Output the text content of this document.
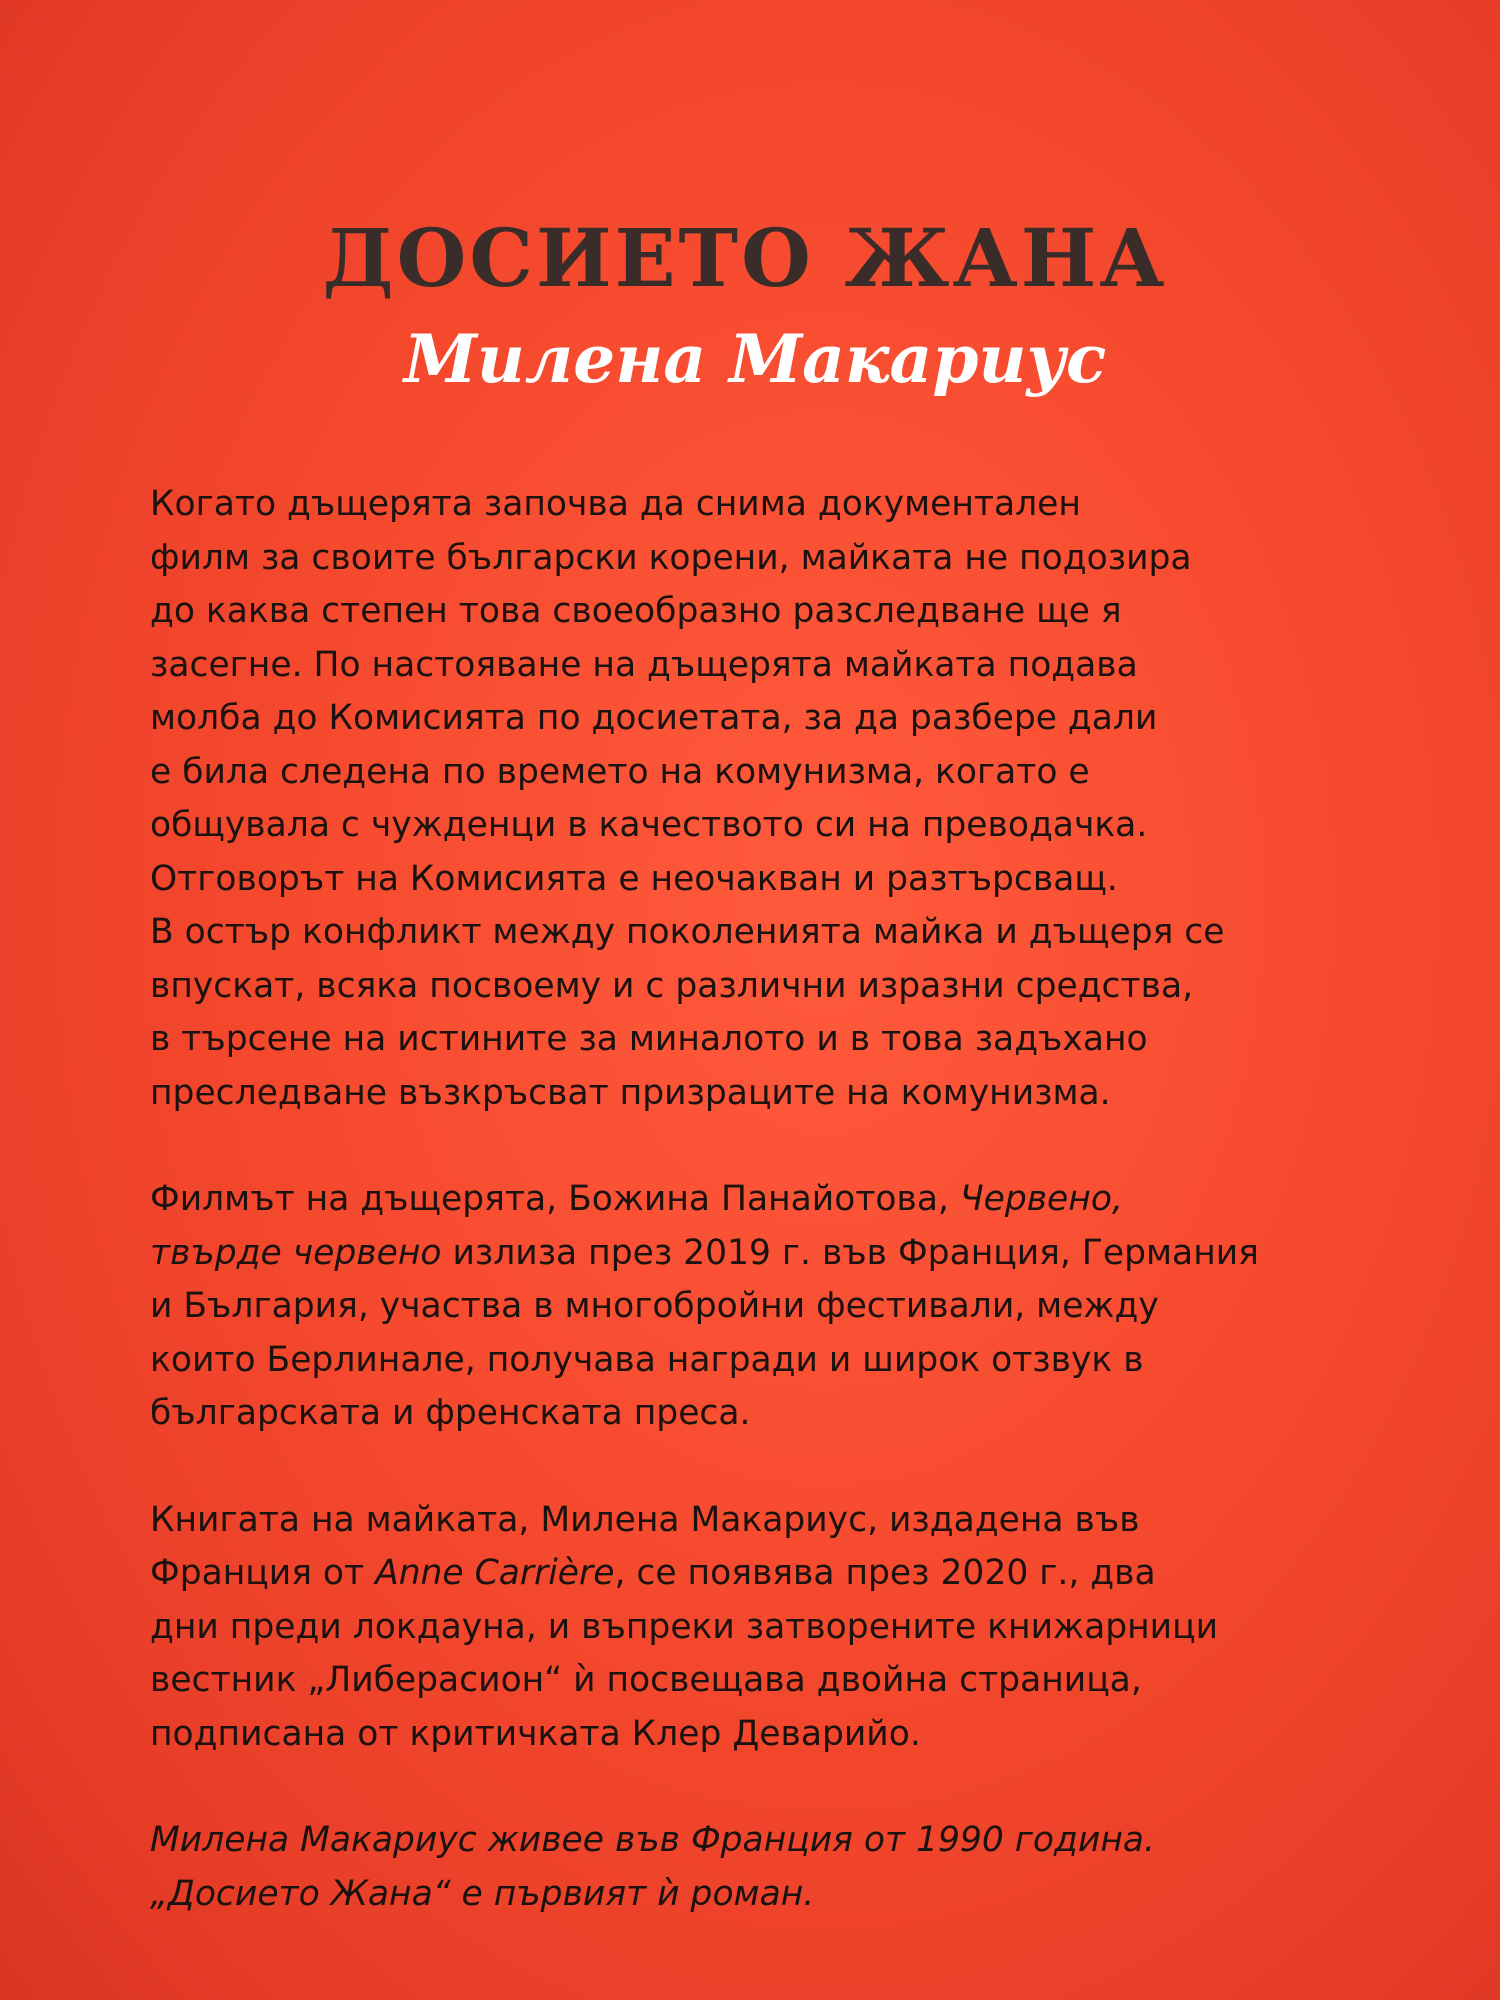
ДОСИЕТО ЖАНА
Милена Макариус

Когато дъщерята започва да снима документален
филм за своите български корени, майката не подозира
до каква степен това своеобразно разследване ще я
засегне. По настояване на дъщерята майката подава
молба до Комисията по досиетата, за да разбере дали
е била следена по времето на комунизма, когато е
общувала с чужденци в качеството си на преводачка.
Отговорът на Комисията е неочакван и разтърсващ.
В остър конфликт между поколенията майка и дъщеря се
впускат, всяка посвоему и с различни изразни средства,
в търсене на истините за миналото и в това задъхано
преследване възкръсват призраците на комунизма.

Филмът на дъщерята, Божина Панайотова, Червено,
твърде червено излиза през 2019 г. във Франция, Германия
и България, участва в многобройни фестивали, между
които Берлинале, получава награди и широк отзвук в
българската и френската преса.

Книгата на майката, Милена Макариус, издадена във
Франция от Anne Carrière, се появява през 2020 г., два
дни преди локдауна, и въпреки затворените книжарници
вестник „Либерасион“ ѝ посвещава двойна страница,
подписана от критичката Клер Деварийо.

Милена Макариус живее във Франция от 1990 година.
„Досието Жана“ е първият ѝ роман.
